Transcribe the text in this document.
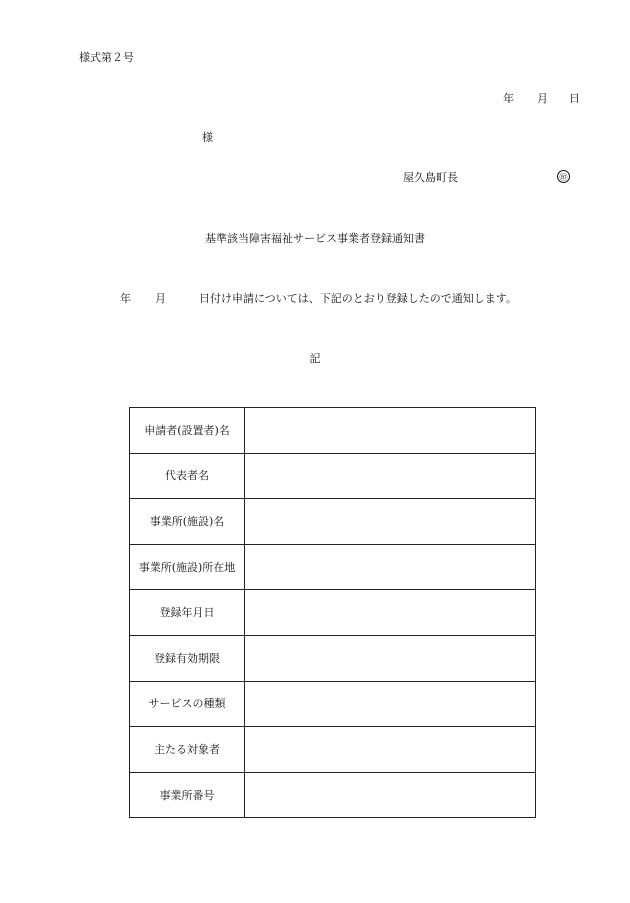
様式第２号
年 月 日
様
屋久島町長	㊞
基準該当障害福祉サービス事業者登録通知書
年 月	日付け申請については、下記のとおり登録したので通知します。
記
申請者(設置者)名	
代表者名	
事業所(施設)名	
事業所(施設)所在地	
登録年月日	
登録有効期限	
サービスの種類	
主たる対象者	
事業所番号	
